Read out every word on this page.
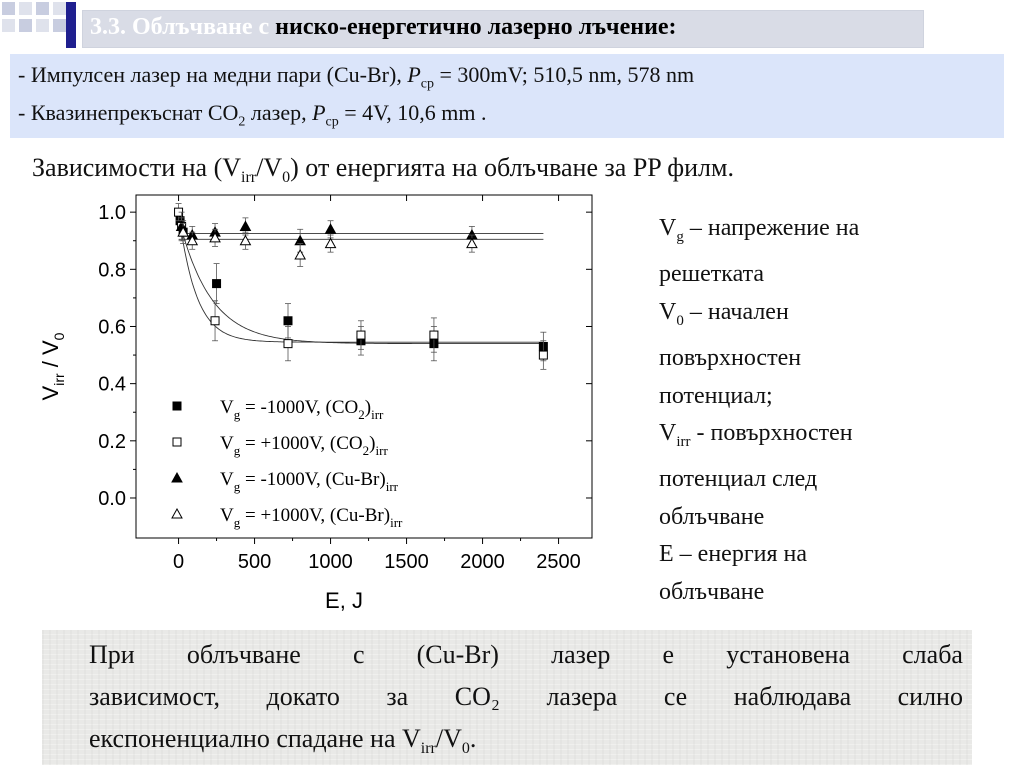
3.3. Облъчване с ниско-енергетично лазерно лъчение:
- Импулсен лазер на медни пари (Cu-Br), $P_{ср} = 300mV$; 510,5 nm, 578 nm
- Квазинепрекъснат $CO_2$ лазер, $P_{ср} = 4V$, 10,6 mm .
Зависимости на $(V_{irr}/V_0)$ от енергията на облъчване за PP филм.
0	500 1000 1500 2000 2500
0.0
0.2
0.4
0.6
0.8
1.0
E, J
$V_{irr} / V_0$
$V_g = -1000V$, $(CO_2)_{irr}$
$V_g = +1000V$, $(CO_2)_{irr}$
$V_g = -1000V$, $(Cu-Br)_{irr}$
$V_g = +1000V$, $(Cu-Br)_{irr}$
$V_g$ – напрежение на
решетката
$V_0$ – начален
повърхностен
потенциал;
$V_{irr}$ - повърхностен
потенциал след
облъчване
E – енергия на
облъчване
При облъчване с (Cu-Br) лазер е установена слаба
зависимост, докато за CO₂ лазера се наблюдава силно
експоненциално спадане на $V_{irr}/V_0$.
